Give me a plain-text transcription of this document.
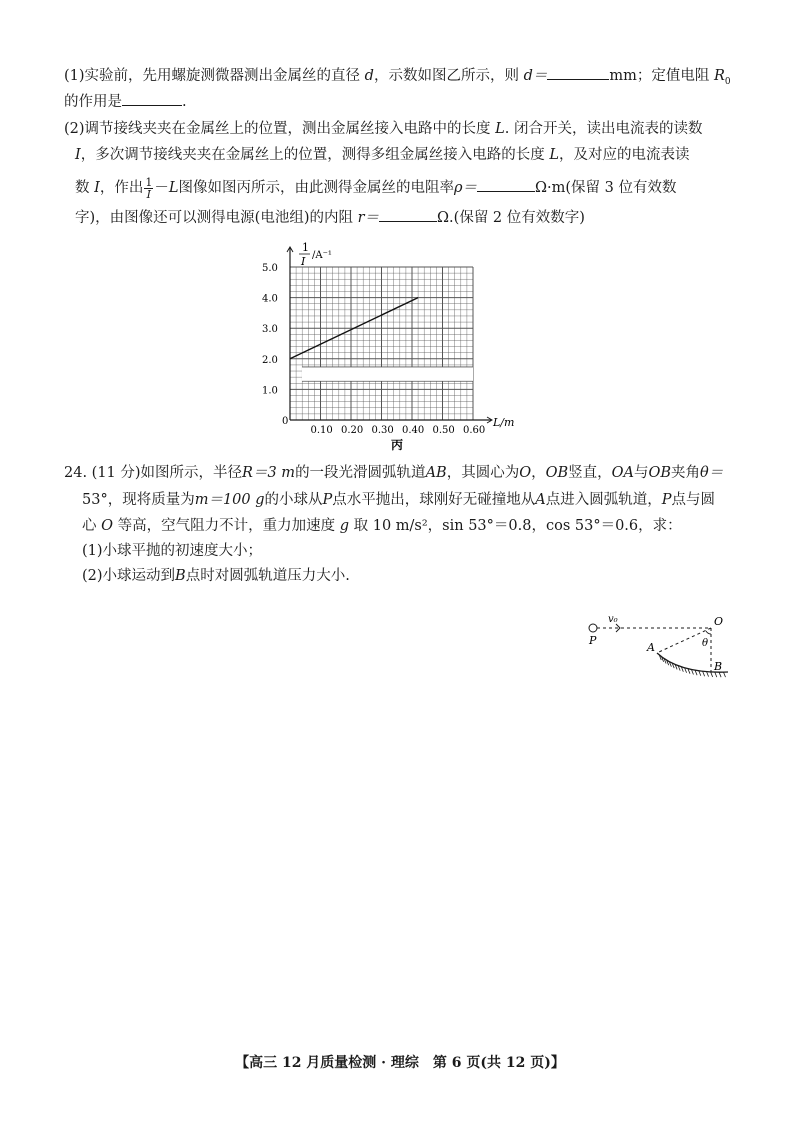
(1)实验前，先用螺旋测微器测出金属丝的直径 d，示数如图乙所示，则 d＝	mm；定值电阻 $R_0$
的作用是	.
(2)调节接线夹夹在金属丝上的位置，测出金属丝接入电路中的长度 L. 闭合开关，读出电流表的读数
I，多次调节接线夹夹在金属丝上的位置，测得多组金属丝接入电路的长度 L，及对应的电流表读
数 I，作出 $\frac{1}{I} -L$图像如图丙所示，由此测得金属丝的电阻率ρ＝	Ω·m(保留 3 位有效数
字)，由图像还可以测得电源(电池组)的内阻 r＝	Ω.(保留 2 位有效数字)
0.10 0.20 0.30 0.40 0.50 0.60
1.0
2.0
3.0
4.0
5.0
1
I /A⁻¹
L/m
0
丙
24. (11 分)如图所示，半径R＝3 m的一段光滑圆弧轨道AB，其圆心为O，OB竖直，OA与OB夹角θ＝
53°，现将质量为m＝100 g的小球从P点水平抛出，球刚好无碰撞地从A点进入圆弧轨道，P点与圆
心 O 等高，空气阻力不计，重力加速度 g 取 10 m/s²，sin 53°＝0.8，cos 53°＝0.6，求：
(1)小球平抛的初速度大小；
(2)小球运动到B点时对圆弧轨道压力大小.
v₀
P
O
θ
A
B
【高三 12 月质量检测 · 理综　第 6 页(共 12 页)】
